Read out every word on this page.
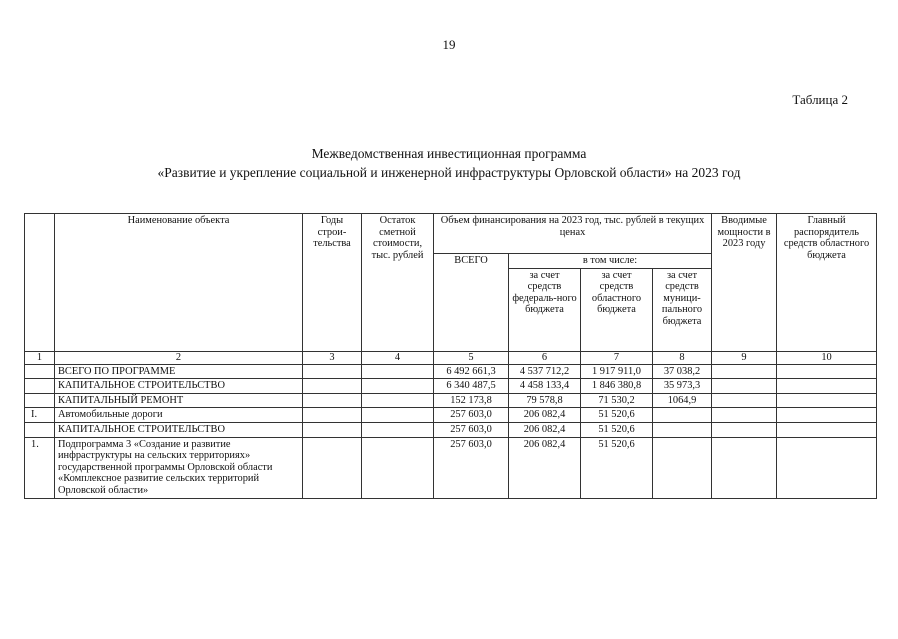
19
Таблица 2
Межведомственная инвестиционная программа
«Развитие и укрепление социальной и инженерной инфраструктуры Орловской области» на 2023 год
	Наименование объекта	Годы строи-тельства	Остаток сметной стоимости, тыс. рублей	Объем финансирования на 2023 год, тыс. рублей в текущих ценах				Вводимые мощности в 2023 году	Главный распорядитель средств областного бюджета
				ВСЕГО	в том числе:				
					за счет средств федераль-ного бюджета	за счет средств областного бюджета	за счет средств муници-пального бюджета		
1	2	3	4	5	6	7	8	9	10
	ВСЕГО ПО ПРОГРАММЕ			6 492 661,3	4 537 712,2	1 917 911,0	37 038,2		
	КАПИТАЛЬНОЕ СТРОИТЕЛЬСТВО			6 340 487,5	4 458 133,4	1 846 380,8	35 973,3		
	КАПИТАЛЬНЫЙ РЕМОНТ			152 173,8	79 578,8	71 530,2	1064,9		
I.	Автомобильные дороги			257 603,0	206 082,4	51 520,6			
	КАПИТАЛЬНОЕ СТРОИТЕЛЬСТВО			257 603,0	206 082,4	51 520,6			
1.	Подпрограмма 3 «Создание и развитие инфраструктуры на сельских территориях» государственной программы Орловской области «Комплексное развитие сельских территорий Орловской области»			257 603,0	206 082,4	51 520,6			
